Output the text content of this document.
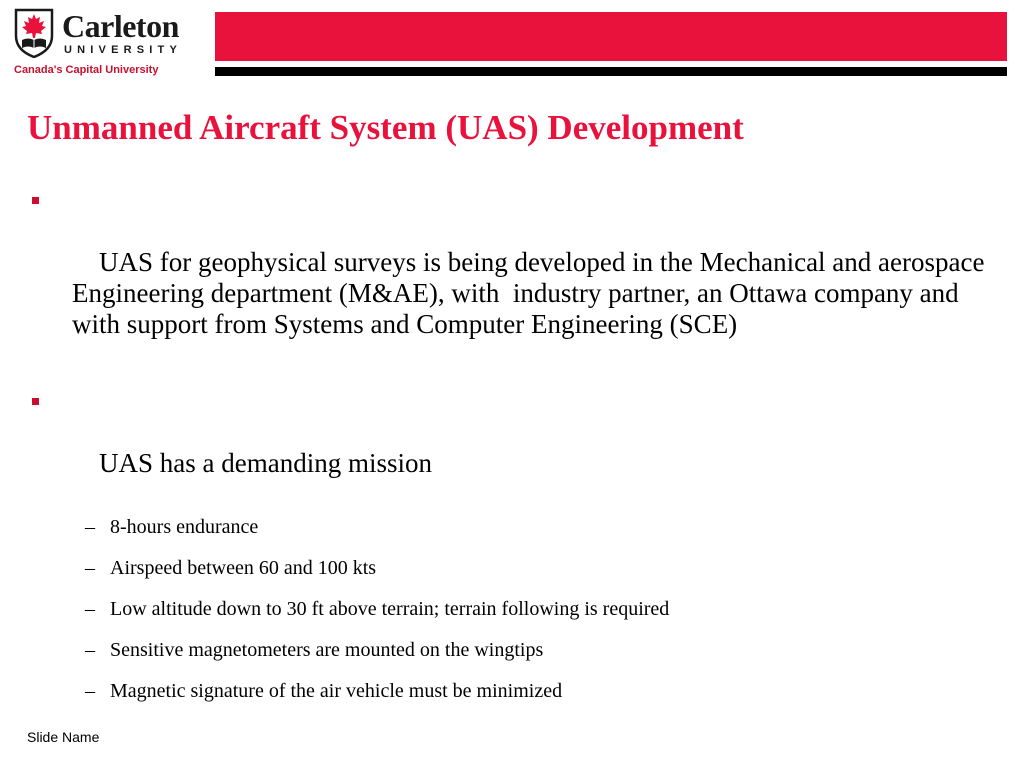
Carleton
UNIVERSITY
Canada's Capital University
Unmanned Aircraft System (UAS) Development

UAS for geophysical surveys is being developed in the Mechanical and aerospace Engineering department (M&AE), with  industry partner, an Ottawa company and with support from Systems and Computer Engineering (SCE)

UAS has a demanding mission

– 8-hours endurance
– Airspeed between 60 and 100 kts
– Low altitude down to 30 ft above terrain; terrain following is required
– Sensitive magnetometers are mounted on the wingtips
– Magnetic signature of the air vehicle must be minimized
Slide Name
